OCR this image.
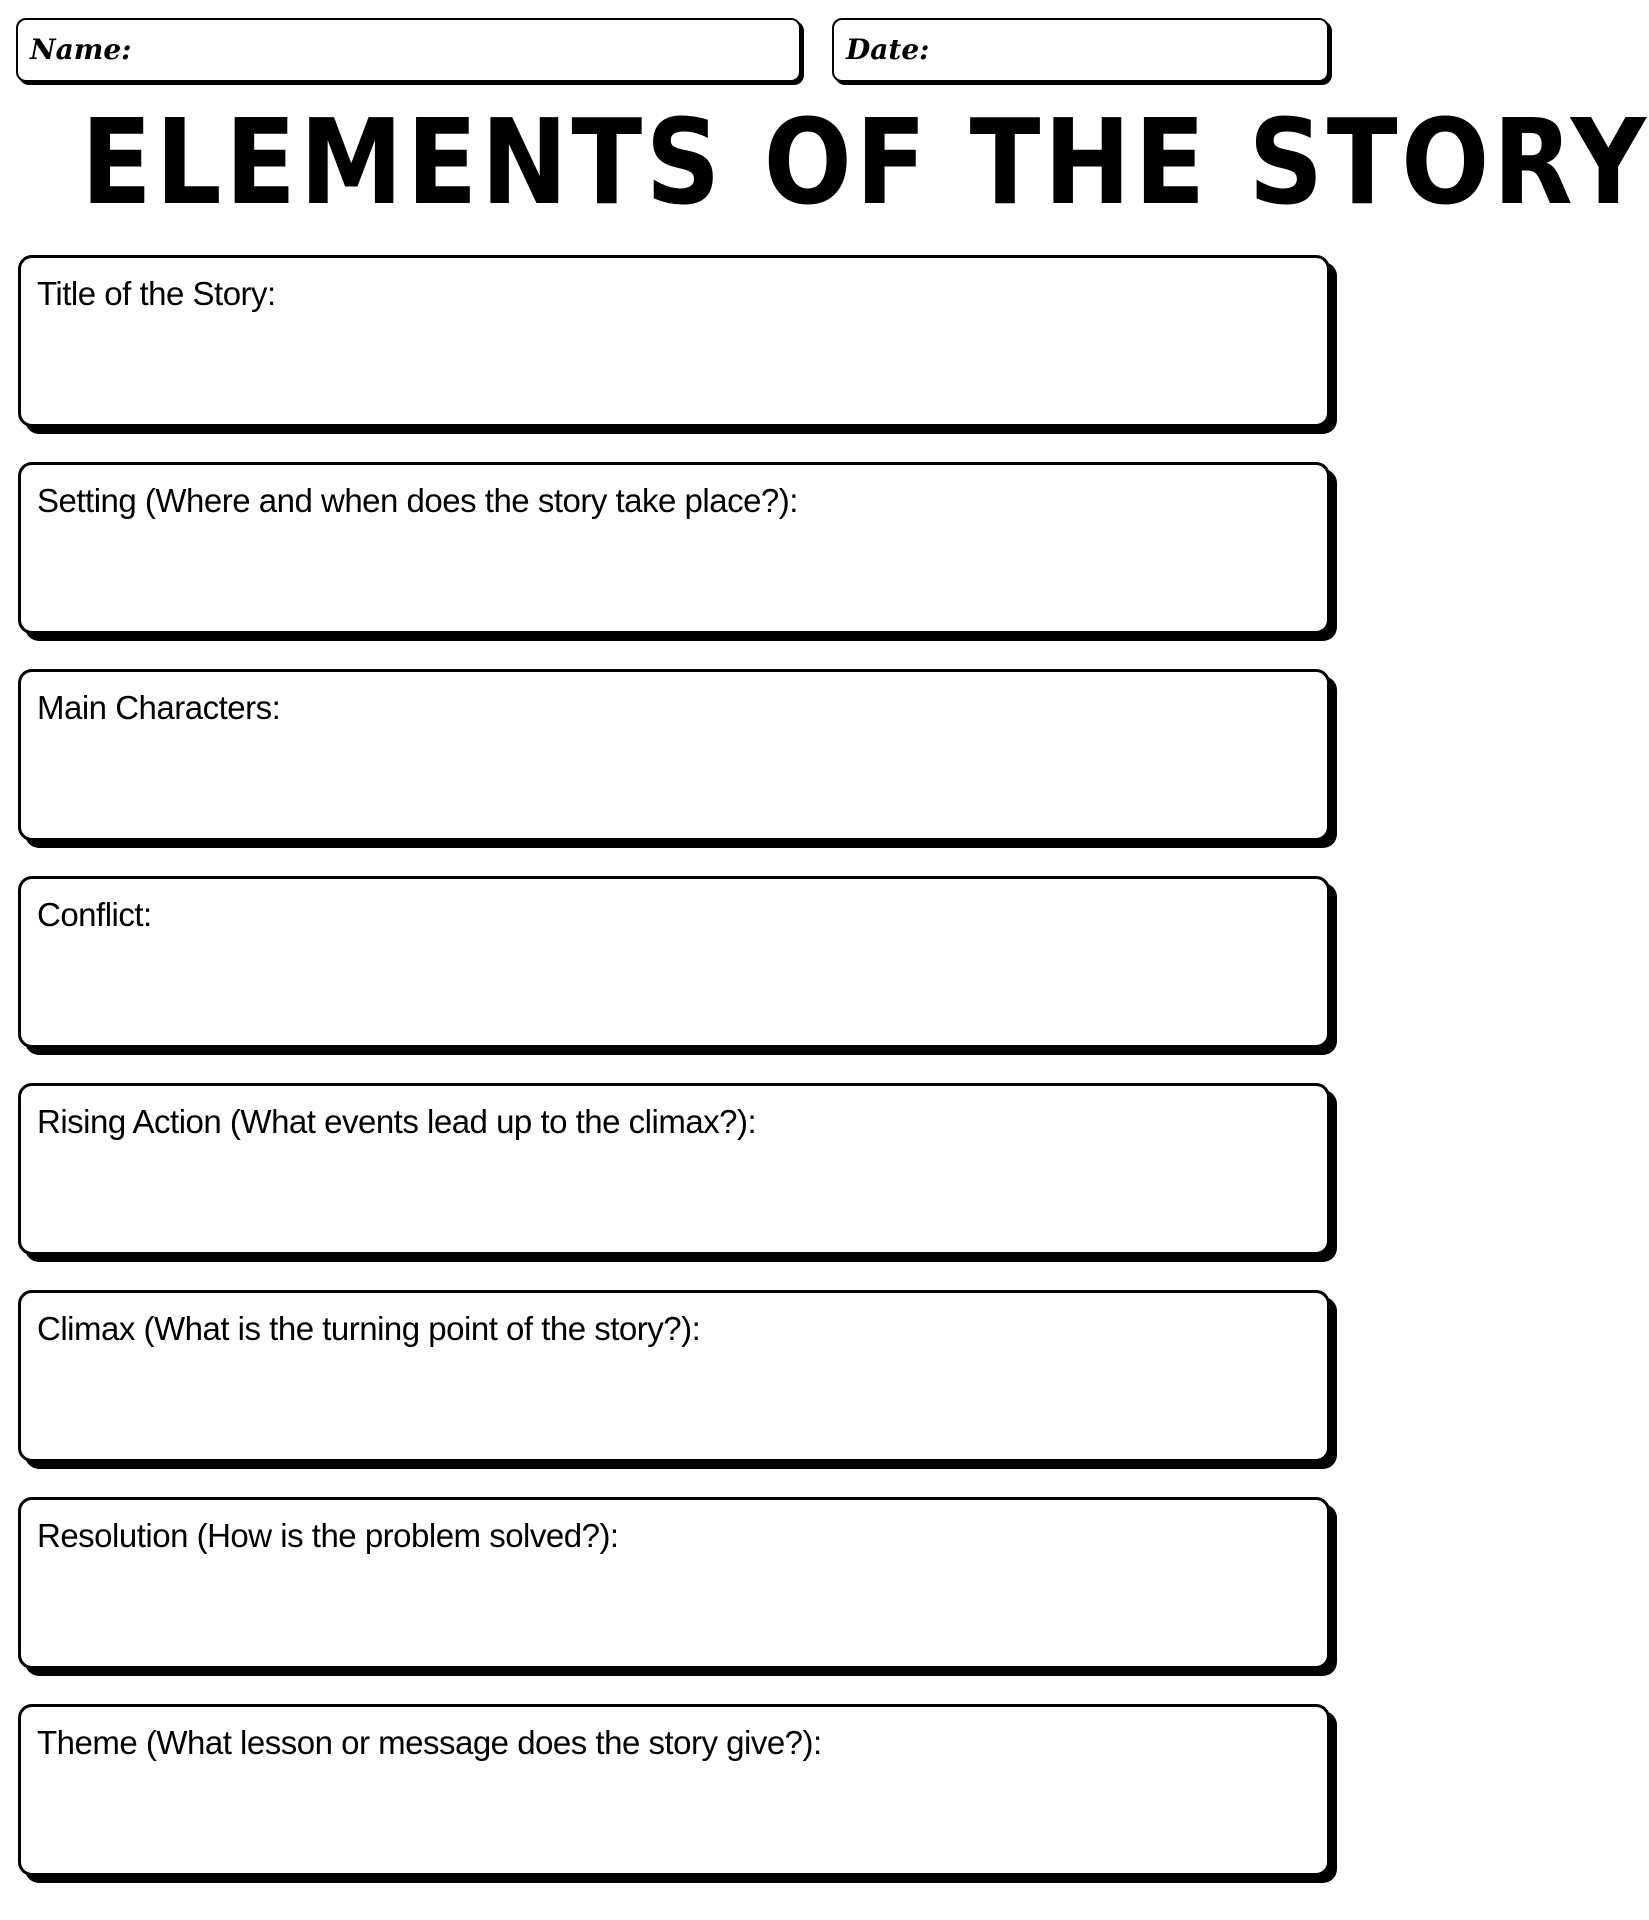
Name:	Date:
ELEMENTS OF THE STORY
Title of the Story:
Setting (Where and when does the story take place?):
Main Characters:
Conflict:
Rising Action (What events lead up to the climax?):
Climax (What is the turning point of the story?):
Resolution (How is the problem solved?):
Theme (What lesson or message does the story give?):
